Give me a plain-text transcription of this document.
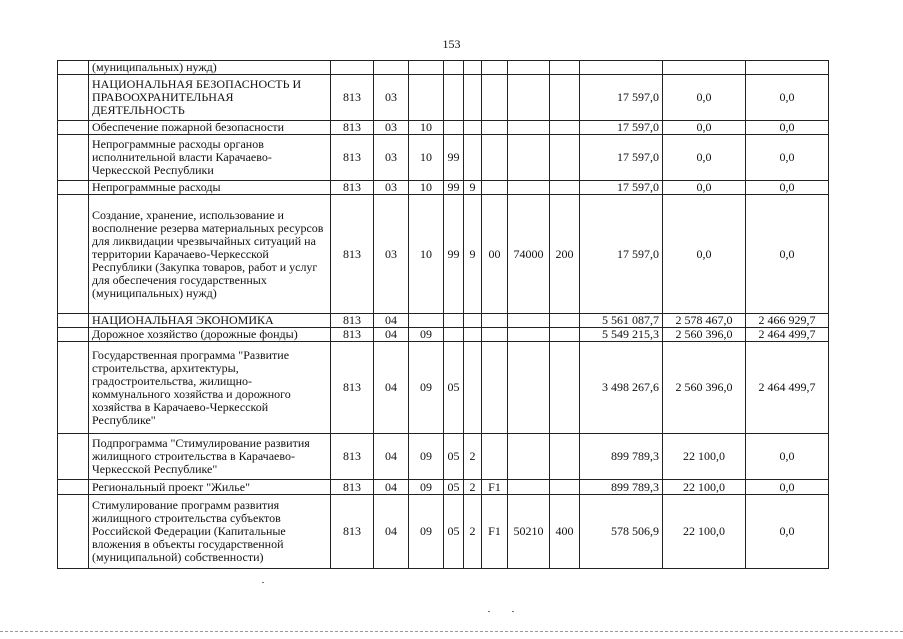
153
	(муниципальных) нужд)											
	НАЦИОНАЛЬНАЯ БЕЗОПАСНОСТЬ И ПРАВООХРАНИТЕЛЬНАЯ ДЕЯТЕЛЬНОСТЬ	813	03							17 597,0	0,0	0,0
	Обеспечение пожарной безопасности	813	03	10						17 597,0	0,0	0,0
	Непрограммные расходы органов исполнительной власти Карачаево-Черкесской Республики	813	03	10	99					17 597,0	0,0	0,0
	Непрограммные расходы	813	03	10	99	9				17 597,0	0,0	0,0
	Создание, хранение, использование и восполнение резерва материальных ресурсов для ликвидации чрезвычайных ситуаций на территории Карачаево-Черкесской Республики (Закупка товаров, работ и услуг для обеспечения государственных (муниципальных) нужд)	813	03	10	99	9	00	74000	200	17 597,0	0,0	0,0
	НАЦИОНАЛЬНАЯ ЭКОНОМИКА	813	04							5 561 087,7	2 578 467,0	2 466 929,7
	Дорожное хозяйство (дорожные фонды)	813	04	09						5 549 215,3	2 560 396,0	2 464 499,7
	Государственная программа "Развитие строительства, архитектуры, градостроительства, жилищно-коммунального хозяйства и дорожного хозяйства в Карачаево-Черкесской Республике"	813	04	09	05					3 498 267,6	2 560 396,0	2 464 499,7
	Подпрограмма "Стимулирование развития жилищного строительства в Карачаево-Черкесской Республике"	813	04	09	05	2				899 789,3	22 100,0	0,0
	Региональный проект "Жилье"	813	04	09	05	2	F1			899 789,3	22 100,0	0,0
	Стимулирование программ развития жилищного строительства субъектов Российской Федерации (Капитальные вложения в объекты государственной (муниципальной) собственности)	813	04	09	05	2	F1	50210	400	578 506,9	22 100,0	0,0
